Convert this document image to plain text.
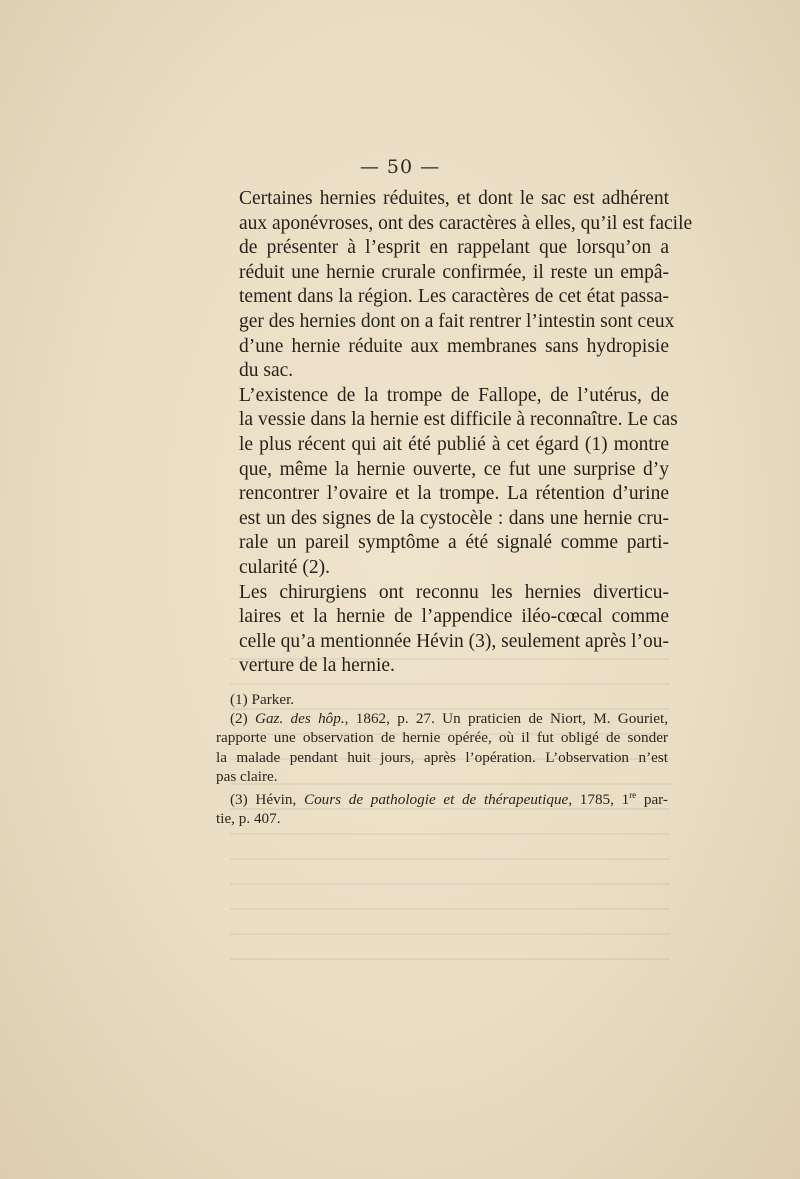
— 50 —

Certaines hernies réduites, et dont le sac est adhérent
aux aponévroses, ont des caractères à elles, qu’il est facile
de présenter à l’esprit en rappelant que lorsqu’on a
réduit une hernie crurale confirmée, il reste un empâ-
tement dans la région. Les caractères de cet état passa-
ger des hernies dont on a fait rentrer l’intestin sont ceux
d’une hernie réduite aux membranes sans hydropisie
du sac.

L’existence de la trompe de Fallope, de l’utérus, de
la vessie dans la hernie est difficile à reconnaître. Le cas
le plus récent qui ait été publié à cet égard (1) montre
que, même la hernie ouverte, ce fut une surprise d’y
rencontrer l’ovaire et la trompe. La rétention d’urine
est un des signes de la cystocèle : dans une hernie cru-
rale un pareil symptôme a été signalé comme parti-
cularité (2).

Les chirurgiens ont reconnu les hernies diverticu-
laires et la hernie de l’appendice iléo-cœcal comme
celle qu’a mentionnée Hévin (3), seulement après l’ou-
verture de la hernie.

(1) Parker.

(2) Gaz. des hôp., 1862, p. 27. Un praticien de Niort, M. Gouriet,
rapporte une observation de hernie opérée, où il fut obligé de sonder
la malade pendant huit jours, après l’opération. L’observation n’est
pas claire.

(3) Hévin, Cours de pathologie et de thérapeutique, 1785, 1re par-
tie, p. 407.
